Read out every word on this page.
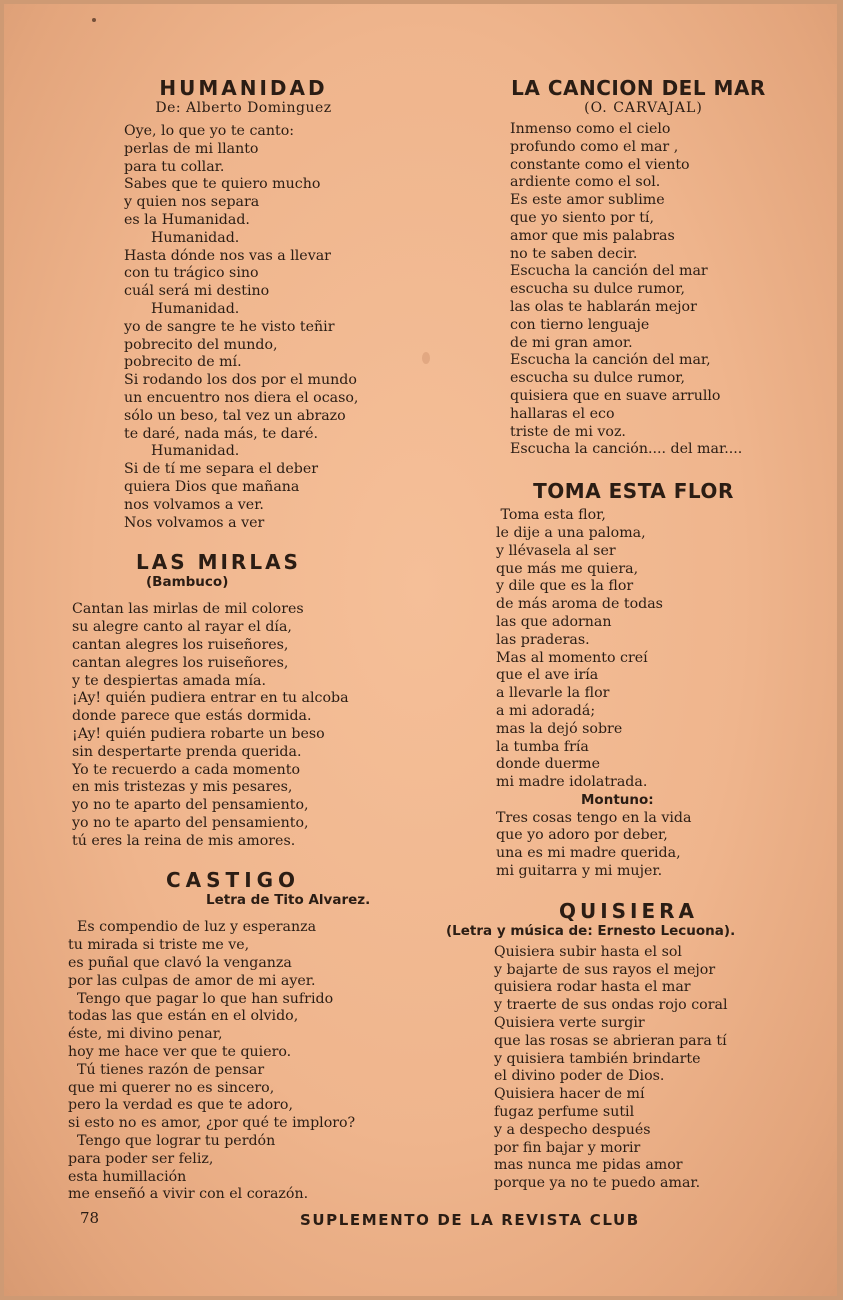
HUMANIDAD

De: Alberto Dominguez

Oye, lo que yo te canto:
perlas de mi llanto
para tu collar.
Sabes que te quiero mucho
y quien nos separa
es la Humanidad.
Humanidad.
Hasta dónde nos vas a llevar
con tu trágico sino
cuál será mi destino
Humanidad.
yo de sangre te he visto teñir
pobrecito del mundo,
pobrecito de mí.
Si rodando los dos por el mundo
un encuentro nos diera el ocaso,
sólo un beso, tal vez un abrazo
te daré, nada más, te daré.
Humanidad.
Si de tí me separa el deber
quiera Dios que mañana
nos volvamos a ver.
Nos volvamos a ver
LAS MIRLAS

(Bambuco)

Cantan las mirlas de mil colores
su alegre canto al rayar el día,
cantan alegres los ruiseñores,
cantan alegres los ruiseñores,
y te despiertas amada mía.
¡Ay! quién pudiera entrar en tu alcoba
donde parece que estás dormida.
¡Ay! quién pudiera robarte un beso
sin despertarte prenda querida.
Yo te recuerdo a cada momento
en mis tristezas y mis pesares,
yo no te aparto del pensamiento,
yo no te aparto del pensamiento,
tú eres la reina de mis amores.
CASTIGO

Letra de Tito Alvarez.

Es compendio de luz y esperanza
tu mirada si triste me ve,
es puñal que clavó la venganza
por las culpas de amor de mi ayer.
Tengo que pagar lo que han sufrido
todas las que están en el olvido,
éste, mi divino penar,
hoy me hace ver que te quiero.
Tú tienes razón de pensar
que mi querer no es sincero,
pero la verdad es que te adoro,
si esto no es amor, ¿por qué te imploro?
Tengo que lograr tu perdón
para poder ser feliz,
esta humillación
me enseñó a vivir con el corazón.
LA CANCION DEL MAR

(O. CARVAJAL)

Inmenso como el cielo
profundo como el mar ,
constante como el viento
ardiente como el sol.
Es este amor sublime
que yo siento por tí,
amor que mis palabras
no te saben decir.
Escucha la canción del mar
escucha su dulce rumor,
las olas te hablarán mejor
con tierno lenguaje
de mi gran amor.
Escucha la canción del mar,
escucha su dulce rumor,
quisiera que en suave arrullo
hallaras el eco
triste de mi voz.
Escucha la canción.... del mar....
TOMA ESTA FLOR
Toma esta flor,
le dije a una paloma,
y llévasela al ser
que más me quiera,
y dile que es la flor
de más aroma de todas
las que adornan
las praderas.
Mas al momento creí
que el ave iría
a llevarle la flor
a mi adoradá;
mas la dejó sobre
la tumba fría
donde duerme
mi madre idolatrada.
Montuno:
Tres cosas tengo en la vida
que yo adoro por deber,
una es mi madre querida,
mi guitarra y mi mujer.
QUISIERA

(Letra y música de: Ernesto Lecuona).

Quisiera subir hasta el sol
y bajarte de sus rayos el mejor
quisiera rodar hasta el mar
y traerte de sus ondas rojo coral
Quisiera verte surgir
que las rosas se abrieran para tí
y quisiera también brindarte
el divino poder de Dios.
Quisiera hacer de mí
fugaz perfume sutil
y a despecho después
por fin bajar y morir
mas nunca me pidas amor
porque ya no te puedo amar.
78	SUPLEMENTO DE LA REVISTA CLUB
